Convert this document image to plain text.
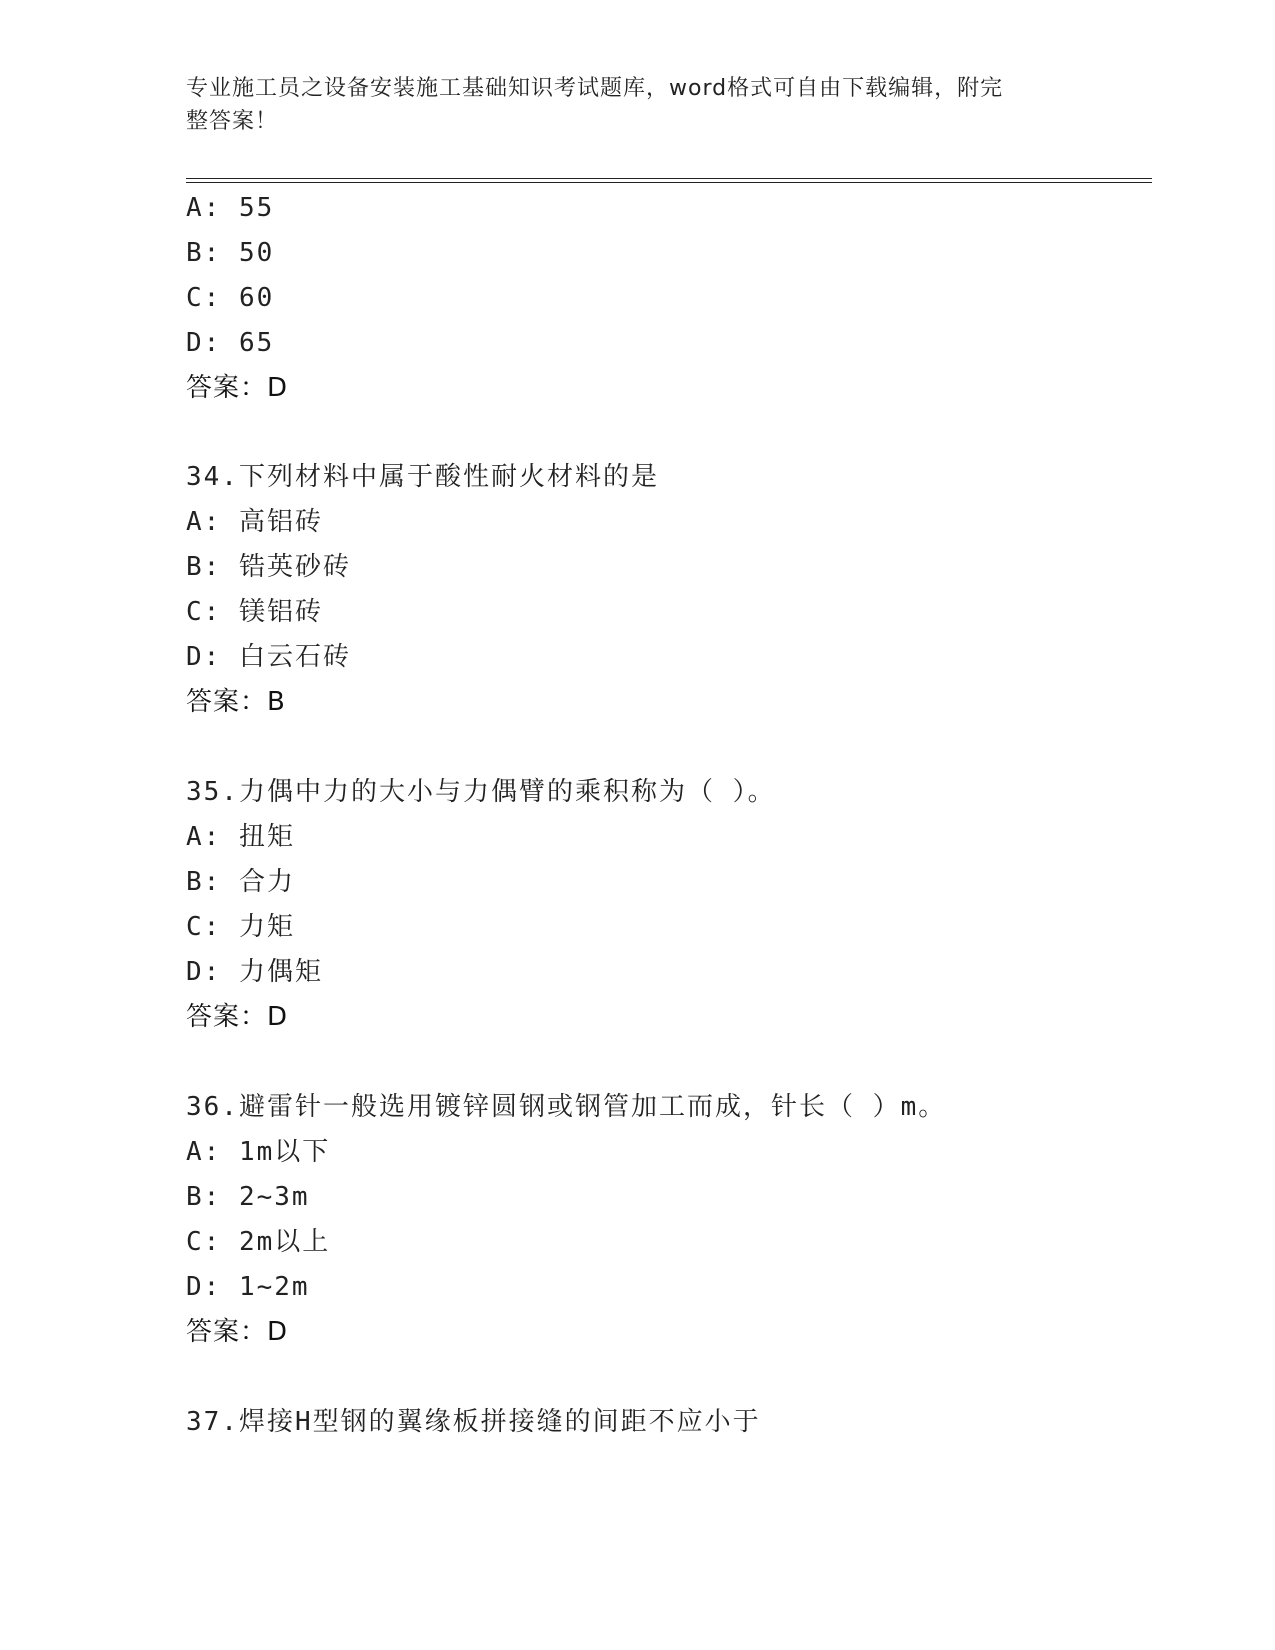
专业施工员之设备安装施工基础知识考试题库，word格式可自由下载编辑，附完
整答案！
A: 55
B: 50
C: 60
D: 65
答案：D
34.下列材料中属于酸性耐火材料的是
A: 高铝砖
B: 锆英砂砖
C: 镁铝砖
D: 白云石砖
答案：B
35.力偶中力的大小与力偶臂的乘积称为（ ）。
A: 扭矩
B: 合力
C: 力矩
D: 力偶矩
答案：D
36.避雷针一般选用镀锌圆钢或钢管加工而成，针长（ ）m。
A: 1m以下
B: 2~3m
C: 2m以上
D: 1~2m
答案：D
37.焊接H型钢的翼缘板拼接缝的间距不应小于
